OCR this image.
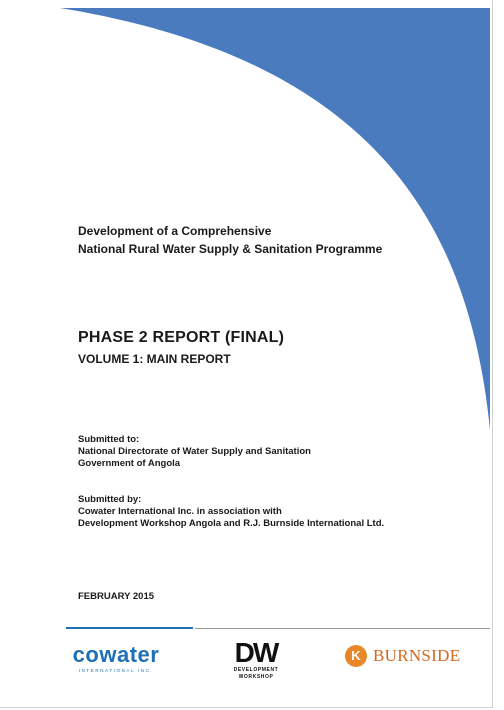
Development of a Comprehensive

National Rural Water Supply & Sanitation Programme

PHASE 2 REPORT (FINAL)

VOLUME 1: MAIN REPORT

Submitted to:

National Directorate of Water Supply and Sanitation

Government of Angola

Submitted by:

Cowater International Inc. in association with

Development Workshop Angola and R.J. Burnside International Ltd.

FEBRUARY 2015

cowater
INTERNATIONAL INC.
DW
DEVELOPMENT
WORKSHOP
K BURNSIDE
